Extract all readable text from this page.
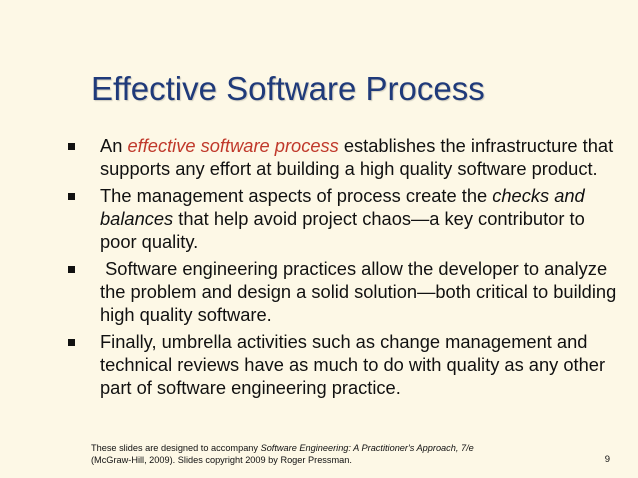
Effective Software Process
An effective software process establishes the infrastructure that supports any effort at building a high quality software product.
The management aspects of process create the checks and balances that help avoid project chaos—a key contributor to poor quality.
Software engineering practices allow the developer to analyze the problem and design a solid solution—both critical to building high quality software.
Finally, umbrella activities such as change management and technical reviews have as much to do with quality as any other part of software engineering practice.
These slides are designed to accompany Software Engineering: A Practitioner's Approach, 7/e
(McGraw-Hill, 2009). Slides copyright 2009 by Roger Pressman.	9
